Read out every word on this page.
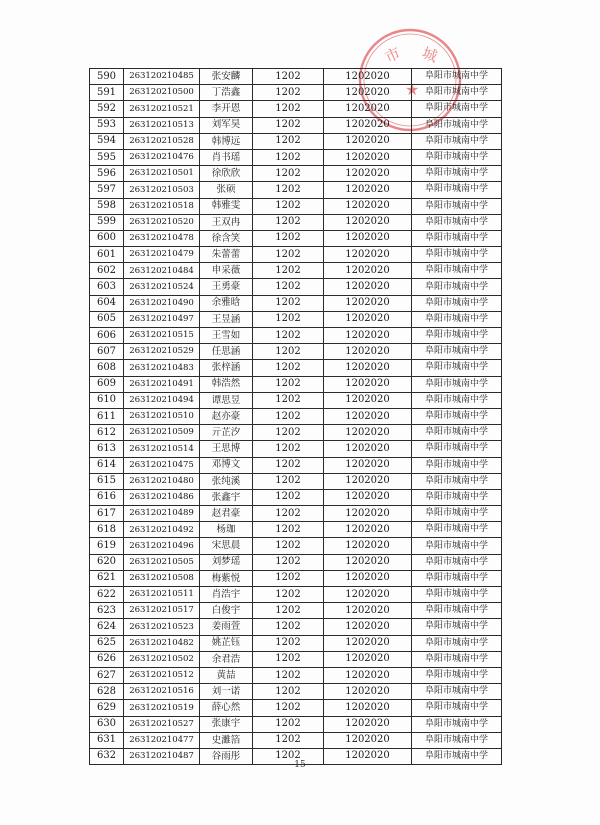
市 城
★
590	263120210485	张安麟	1202	1202020	阜阳市城南中学
591	263120210500	丁浩鑫	1202	1202020	阜阳市城南中学
592	263120210521	李开恩	1202	1202020	阜阳市城南中学
593	263120210513	刘军昊	1202	1202020	阜阳市城南中学
594	263120210528	韩博远	1202	1202020	阜阳市城南中学
595	263120210476	肖书瑶	1202	1202020	阜阳市城南中学
596	263120210501	徐欣欣	1202	1202020	阜阳市城南中学
597	263120210503	张硕	1202	1202020	阜阳市城南中学
598	263120210518	韩雅雯	1202	1202020	阜阳市城南中学
599	263120210520	王双冉	1202	1202020	阜阳市城南中学
600	263120210478	徐含笑	1202	1202020	阜阳市城南中学
601	263120210479	朱蕾蕾	1202	1202020	阜阳市城南中学
602	263120210484	申采薇	1202	1202020	阜阳市城南中学
603	263120210524	王勇豪	1202	1202020	阜阳市城南中学
604	263120210490	余雅晗	1202	1202020	阜阳市城南中学
605	263120210497	王昱涵	1202	1202020	阜阳市城南中学
606	263120210515	王雪如	1202	1202020	阜阳市城南中学
607	263120210529	任思涵	1202	1202020	阜阳市城南中学
608	263120210483	张梓涵	1202	1202020	阜阳市城南中学
609	263120210491	韩浩然	1202	1202020	阜阳市城南中学
610	263120210494	谭思昱	1202	1202020	阜阳市城南中学
611	263120210510	赵亦豪	1202	1202020	阜阳市城南中学
612	263120210509	亓芷汐	1202	1202020	阜阳市城南中学
613	263120210514	王思博	1202	1202020	阜阳市城南中学
614	263120210475	邓博文	1202	1202020	阜阳市城南中学
615	263120210480	张纯溪	1202	1202020	阜阳市城南中学
616	263120210486	张鑫宇	1202	1202020	阜阳市城南中学
617	263120210489	赵君豪	1202	1202020	阜阳市城南中学
618	263120210492	杨珈	1202	1202020	阜阳市城南中学
619	263120210496	宋思晨	1202	1202020	阜阳市城南中学
620	263120210505	刘梦瑶	1202	1202020	阜阳市城南中学
621	263120210508	梅紫悦	1202	1202020	阜阳市城南中学
622	263120210511	肖浩宇	1202	1202020	阜阳市城南中学
623	263120210517	白俊宇	1202	1202020	阜阳市城南中学
624	263120210523	姜雨萱	1202	1202020	阜阳市城南中学
625	263120210482	姚芷钰	1202	1202020	阜阳市城南中学
626	263120210502	余君浩	1202	1202020	阜阳市城南中学
627	263120210512	黄喆	1202	1202020	阜阳市城南中学
628	263120210516	刘一诺	1202	1202020	阜阳市城南中学
629	263120210519	薛心然	1202	1202020	阜阳市城南中学
630	263120210527	张康宇	1202	1202020	阜阳市城南中学
631	263120210477	史濉箔	1202	1202020	阜阳市城南中学
632	263120210487	谷雨彤	1202	1202020	阜阳市城南中学
15
